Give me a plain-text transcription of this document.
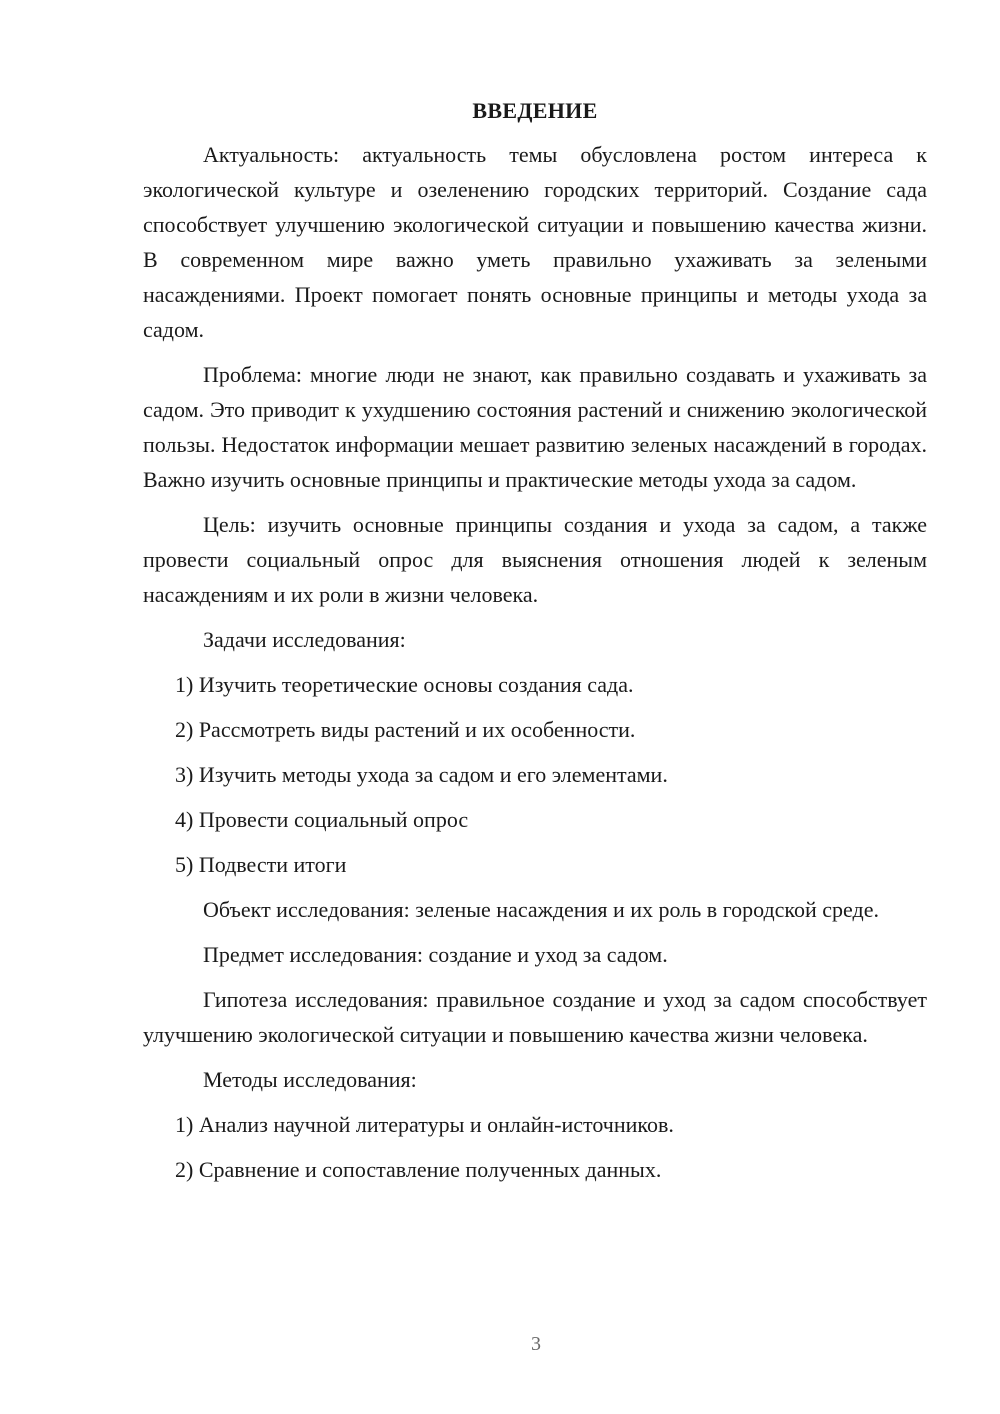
ВВЕДЕНИЕ

Актуальность: актуальность темы обусловлена ростом интереса к экологической культуре и озеленению городских территорий. Создание сада способствует улучшению экологической ситуации и повышению качества жизни. В современном мире важно уметь правильно ухаживать за зелеными насаждениями. Проект помогает понять основные принципы и методы ухода за садом.

Проблема: многие люди не знают, как правильно создавать и ухаживать за садом. Это приводит к ухудшению состояния растений и снижению экологической пользы. Недостаток информации мешает развитию зеленых насаждений в городах. Важно изучить основные принципы и практические методы ухода за садом.

Цель: изучить основные принципы создания и ухода за садом, а также провести социальный опрос для выяснения отношения людей к зеленым насаждениям и их роли в жизни человека.

Задачи исследования:

1) Изучить теоретические основы создания сада.

2) Рассмотреть виды растений и их особенности.

3) Изучить методы ухода за садом и его элементами.

4) Провести социальный опрос

5) Подвести итоги

Объект исследования: зеленые насаждения и их роль в городской среде.

Предмет исследования: создание и уход за садом.

Гипотеза исследования: правильное создание и уход за садом способствует улучшению экологической ситуации и повышению качества жизни человека.

Методы исследования:

1) Анализ научной литературы и онлайн-источников.

2) Сравнение и сопоставление полученных данных.

3
